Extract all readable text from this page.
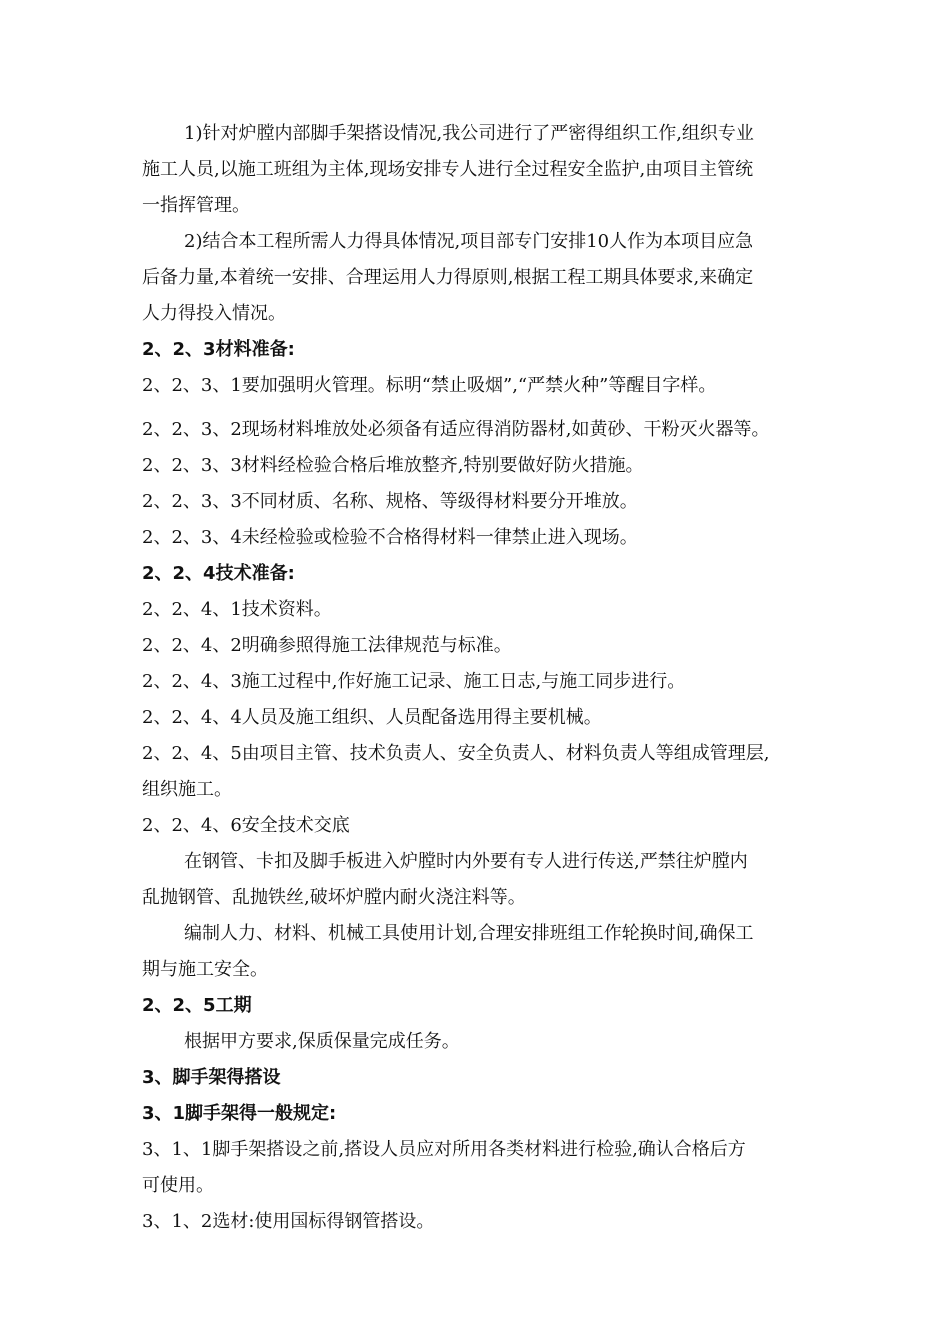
1)针对炉膛内部脚手架搭设情况,我公司进行了严密得组织工作,组织专业
施工人员,以施工班组为主体,现场安排专人进行全过程安全监护,由项目主管统
一指挥管理。
2)结合本工程所需人力得具体情况,项目部专门安排10人作为本项目应急
后备力量,本着统一安排、合理运用人力得原则,根据工程工期具体要求,来确定
人力得投入情况。
2、2、3材料准备:
2、2、3、1要加强明火管理。标明“禁止吸烟”,“严禁火种”等醒目字样。
2、2、3、2现场材料堆放处必须备有适应得消防器材,如黄砂、干粉灭火器等。
2、2、3、3材料经检验合格后堆放整齐,特别要做好防火措施。
2、2、3、3不同材质、名称、规格、等级得材料要分开堆放。
2、2、3、4未经检验或检验不合格得材料一律禁止进入现场。
2、2、4技术准备:
2、2、4、1技术资料。
2、2、4、2明确参照得施工法律规范与标准。
2、2、4、3施工过程中,作好施工记录、施工日志,与施工同步进行。
2、2、4、4人员及施工组织、人员配备选用得主要机械。
2、2、4、5由项目主管、技术负责人、安全负责人、材料负责人等组成管理层,
组织施工。
2、2、4、6安全技术交底
在钢管、卡扣及脚手板进入炉膛时内外要有专人进行传送,严禁往炉膛内
乱抛钢管、乱抛铁丝,破坏炉膛内耐火浇注料等。
编制人力、材料、机械工具使用计划,合理安排班组工作轮换时间,确保工
期与施工安全。
2、2、5工期
根据甲方要求,保质保量完成任务。
3、脚手架得搭设
3、1脚手架得一般规定:
3、1、1脚手架搭设之前,搭设人员应对所用各类材料进行检验,确认合格后方
可使用。
3、1、2选材:使用国标得钢管搭设。
